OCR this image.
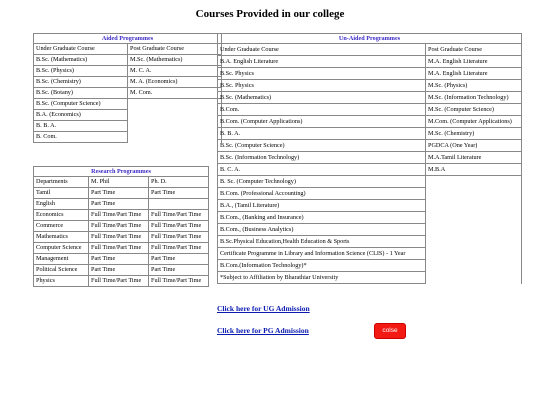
Courses Provided in our college
Aided Programmes	
Under Graduate Course	Post Graduate Course
B.Sc. (Mathematics)	M.Sc. (Mathematics)
B.Sc. (Physics)	M. C. A.
B.Sc. (Chemistry)	M. A. (Economics)
B.Sc. (Botany)	M. Com.
B.Sc. (Computer Science)	
B.A. (Economics)	
B. B. A.	
B. Com.	
Research Programmes		
Departments	M. Phil	Ph. D.
Tamil	Part Time	Part Time
English	Part Time	
Economics	Full Time/Part Time	Full Time/Part Time
Commerce	Full Time/Part Time	Full Time/Part Time
Mathematics	Full Time/Part Time	Full Time/Part Time
Computer Science	Full Time/Part Time	Full Time/Part Time
Management	Part Time	Part Time
Political Science	Part Time	Part Time
Physics	Full Time/Part Time	Full Time/Part Time
Un-Aided Programmes	
Under Graduate Course	Post Graduate Course
B.A. English Literature	M.A. English Literature
B.Sc. Physics	M.A. English Literature
B.Sc. Physics	M.Sc. (Physics)
B.Sc. (Mathematics)	M.Sc. (Information Technology)
B.Com.	M.Sc. (Computer Science)
B.Com. (Computer Applications)	M.Com. (Computer Applications)
B. B. A.	M.Sc. (Chemistry)
B.Sc. (Computer Science)	PGDCA (One Year)
B.Sc. (Information Technology)	M.A.Tamil Literature
B. C. A.	M.B.A
B. Sc. (Computer Technology)	
B.Com. (Professional Accounting)	
B.A., (Tamil Literature)	
B.Com., (Banking and Insurance)	
B.Com., (Business Analytics)	
B.Sc.Physical Education,Health Education & Sports	
Certificate Programme in Library and Information Science (CLIS) - 1 Year	
B.Com.(Information Technology)*	
*Subject to Affiliation by Bharathiar University	
Click here for UG Admission
Click here for PG Admission	colse
